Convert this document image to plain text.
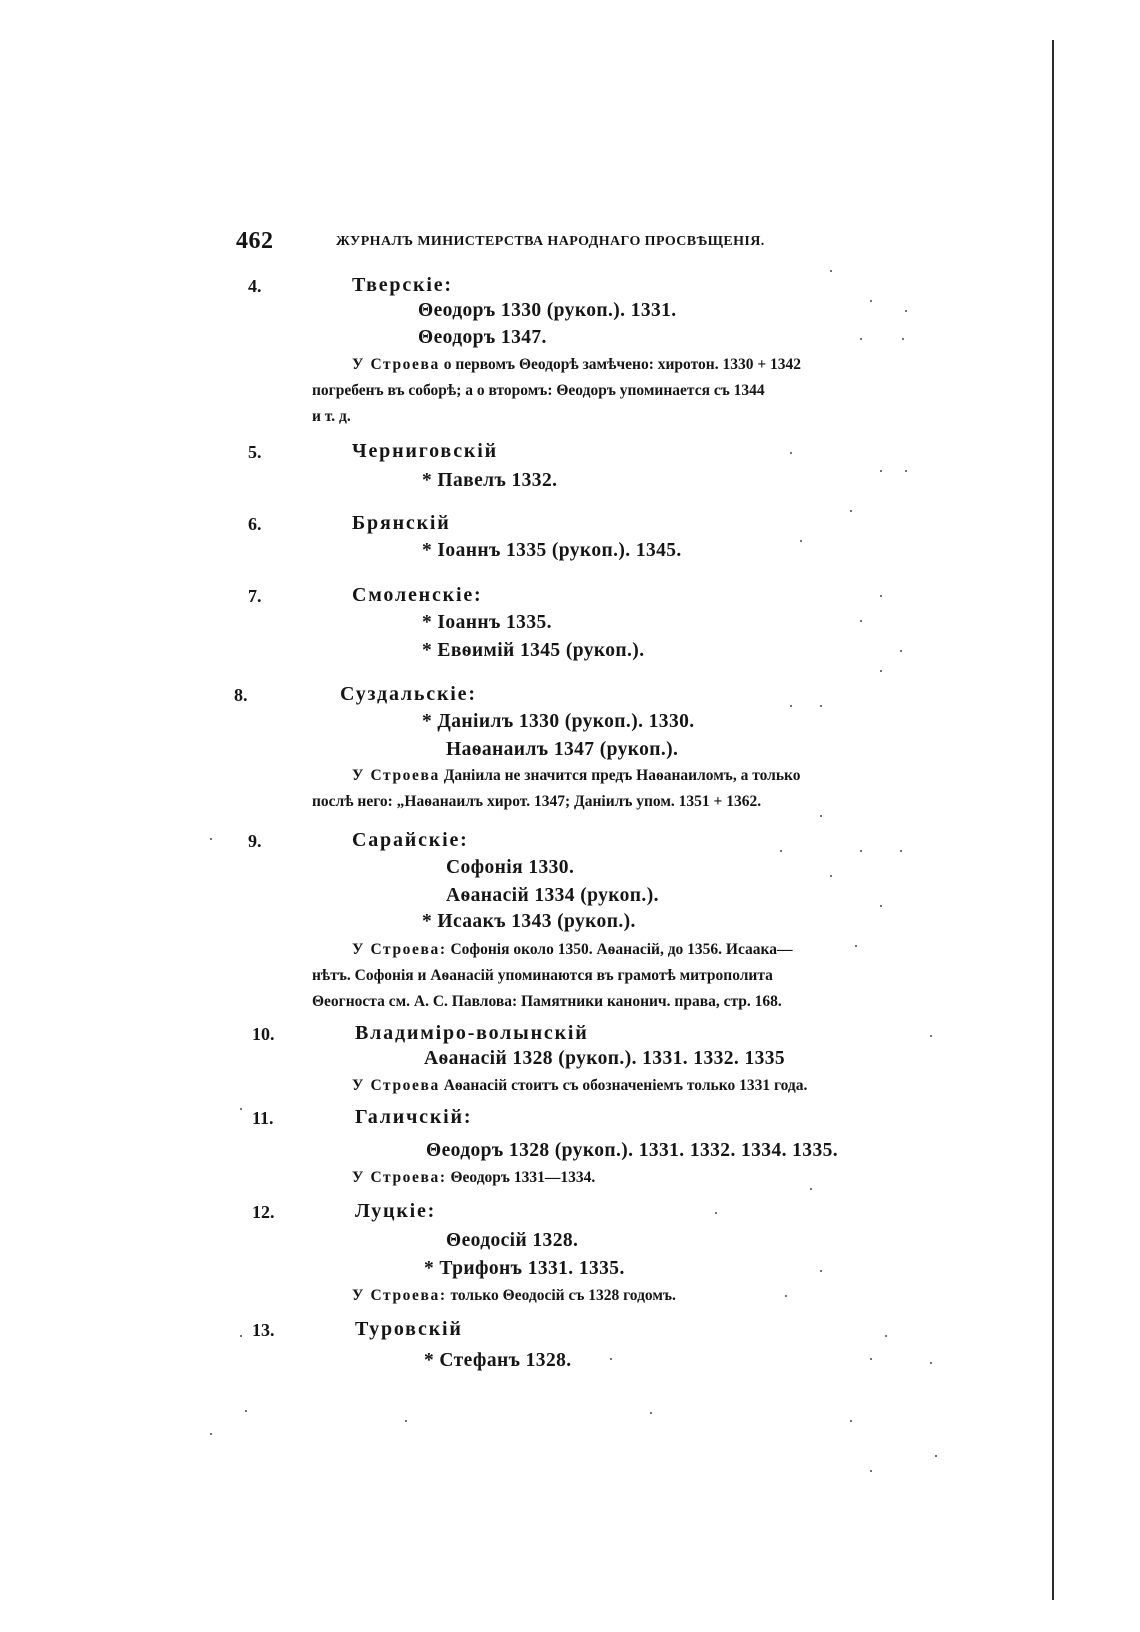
462	ЖУРНАЛЪ МИНИСТЕРСТВА НАРОДНАГО ПРОСВѢЩЕНІЯ.
4.	Тверскіе:
Θеодоръ 1330 (рукоп.). 1331.
Θеодоръ 1347.
У Строева о первомъ Θеодорѣ замѣчено: хиротон. 1330 + 1342
погребенъ въ соборѣ; а о второмъ: Θеодоръ упоминается съ 1344
и т. д.
5.	Черниговскій
* Павелъ 1332.
6.	Брянскій
* Іоаннъ 1335 (рукоп.). 1345.
7.	Смоленскіе:
* Іоаннъ 1335.
* Евѳимій 1345 (рукоп.).
8.	Суздальскіе:
* Даніилъ 1330 (рукоп.). 1330.
Наѳанаилъ 1347 (рукоп.).
У Строева Даніила не значится предъ Наѳанаиломъ, а только
послѣ него: „Наѳанаилъ хирот. 1347; Даніилъ упом. 1351 + 1362.
9.	Сарайскіе:
Софонія 1330.
Аѳанасій 1334 (рукоп.).
* Исаакъ 1343 (рукоп.).
У Строева: Софонія около 1350. Аѳанасій, до 1356. Исаака—
нѣтъ. Софонія и Аѳанасій упоминаются въ грамотѣ митрополита
Θеогноста см. А. С. Павлова: Памятники канонич. права, стр. 168.
10.	Владиміро-волынскій
Аѳанасій 1328 (рукоп.). 1331. 1332. 1335
У Строева Аѳанасій стоитъ съ обозначеніемъ только 1331 года.
11.	Галичскій:
Θеодоръ 1328 (рукоп.). 1331. 1332. 1334. 1335.
У Строева: Θеодоръ 1331—1334.
12.	Луцкіе:
Θеодосій 1328.
* Трифонъ 1331. 1335.
У Строева: только Θеодосій съ 1328 годомъ.
13.	Туровскій
* Стефанъ 1328.
